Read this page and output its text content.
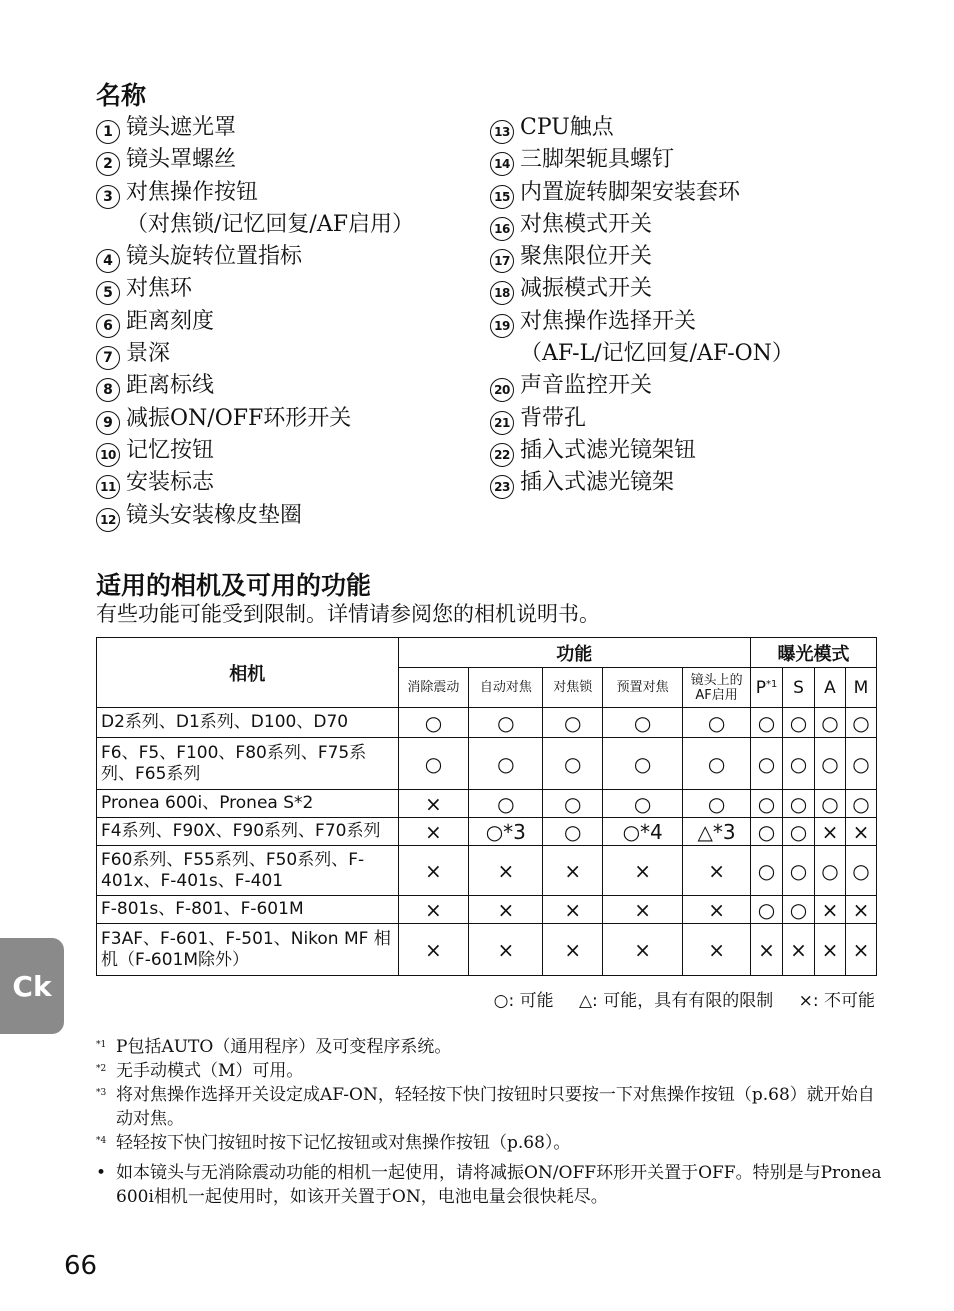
名称
1 镜头遮光罩
2 镜头罩螺丝
3 对焦操作按钮
（对焦锁/记忆回复/AF启用）
4 镜头旋转位置指标
5 对焦环
6 距离刻度
7 景深
8 距离标线
9 减振ON/OFF环形开关
10 记忆按钮
11 安装标志
12 镜头安装橡皮垫圈
13 CPU触点
14 三脚架轭具螺钉
15 内置旋转脚架安装套环
16 对焦模式开关
17 聚焦限位开关
18 减振模式开关
19 对焦操作选择开关
（AF-L/记忆回复/AF-ON）
20 声音监控开关
21 背带孔
22 插入式滤光镜架钮
23 插入式滤光镜架
适用的相机及可用的功能
有些功能可能受到限制。详情请参阅您的相机说明书。
相机	功能					曝光模式			
	消除震动	自动对焦	对焦锁	预置对焦	镜头上的AF启用	$P^{*1}$	S	A	M
D2系列、D1系列、D100、D70	○	○	○	○	○	○	○	○	○
F6、F5、F100、F80系列、F75系列、F65系列	○	○	○	○	○	○	○	○	○
Pronea 600i、Pronea S*2	×	○	○	○	○	○	○	○	○
F4系列、F90X、F90系列、F70系列	×	○*3	○	○*4	△*3	○	○	×	×
F60系列、F55系列、F50系列、F-401x、F-401s、F-401	×	×	×	×	×	○	○	○	○
F-801s、F-801、F-601M	×	×	×	×	×	○	○	×	×
F3AF、F-601、F-501、Nikon MF 相机（F-601M除外）	×	×	×	×	×	×	×	×	×
○: 可能 △: 可能，具有有限的限制 ×: 不可能
*1 P包括AUTO（通用程序）及可变程序系统。
*2 无手动模式（M）可用。
*3 将对焦操作选择开关设定成AF-ON，轻轻按下快门按钮时只要按一下对焦操作按钮（p.68）就开始自动对焦。
*4 轻轻按下快门按钮时按下记忆按钮或对焦操作按钮（p.68）。
• 如本镜头与无消除震动功能的相机一起使用，请将减振ON/OFF环形开关置于OFF。特别是与Pronea 600i相机一起使用时，如该开关置于ON，电池电量会很快耗尽。
Ck
66
